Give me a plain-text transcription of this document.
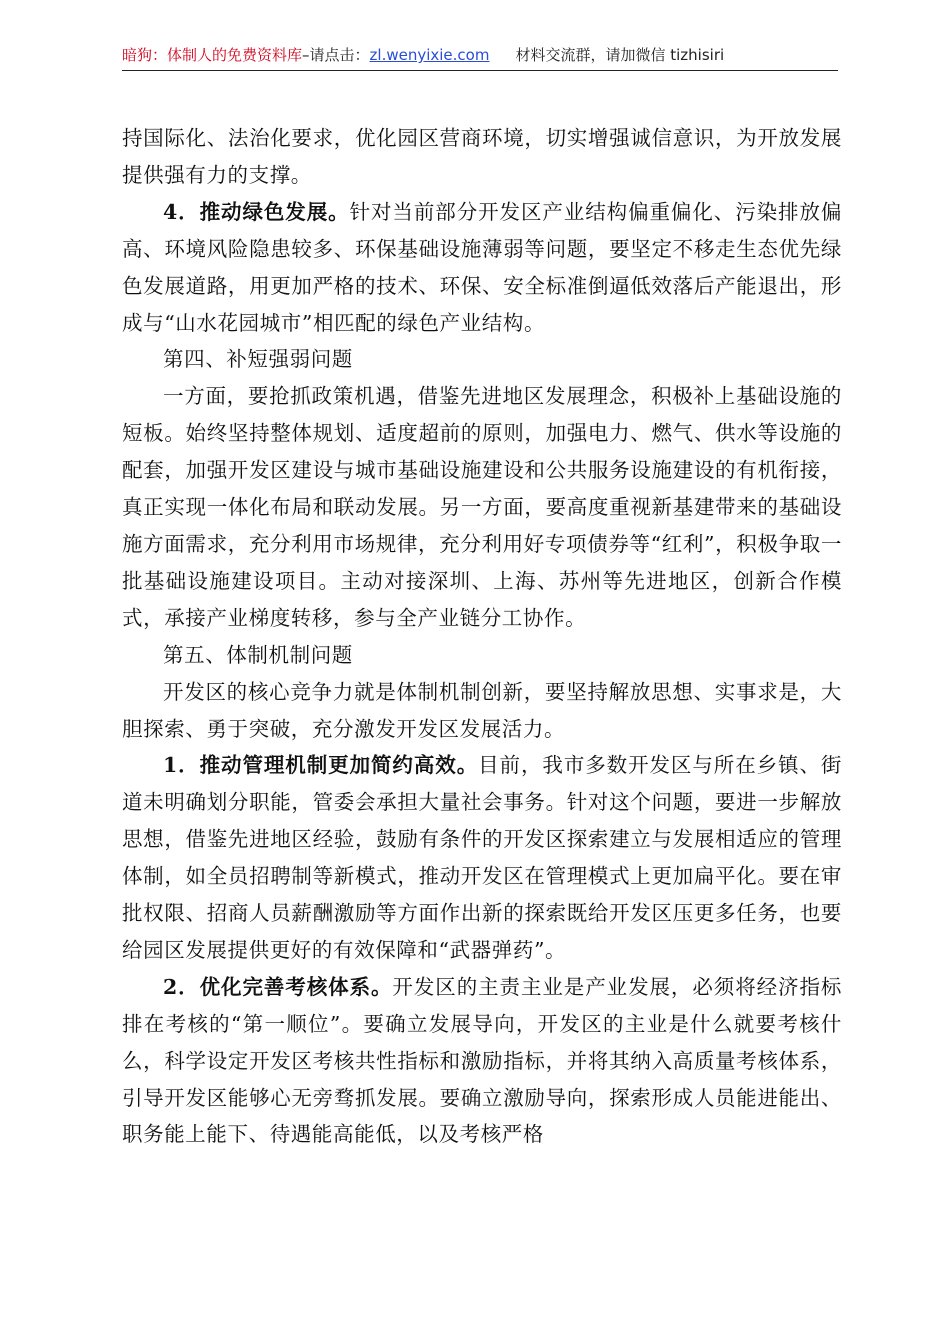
暗狗：体制人的免费资料库–请点击：zl.wenyixie.com 材料交流群，请加微信 tizhisiri

持国际化、法治化要求，优化园区营商环境，切实增强诚信意识，为开放发展提供强有力的支撑。

4．推动绿色发展。针对当前部分开发区产业结构偏重偏化、污染排放偏高、环境风险隐患较多、环保基础设施薄弱等问题，要坚定不移走生态优先绿色发展道路，用更加严格的技术、环保、安全标准倒逼低效落后产能退出，形成与“山水花园城市”相匹配的绿色产业结构。

第四、补短强弱问题

一方面，要抢抓政策机遇，借鉴先进地区发展理念，积极补上基础设施的短板。始终坚持整体规划、适度超前的原则，加强电力、燃气、供水等设施的配套，加强开发区建设与城市基础设施建设和公共服务设施建设的有机衔接，真正实现一体化布局和联动发展。另一方面，要高度重视新基建带来的基础设施方面需求，充分利用市场规律，充分利用好专项债券等“红利”，积极争取一批基础设施建设项目。主动对接深圳、上海、苏州等先进地区，创新合作模式，承接产业梯度转移，参与全产业链分工协作。

第五、体制机制问题

开发区的核心竞争力就是体制机制创新，要坚持解放思想、实事求是，大胆探索、勇于突破，充分激发开发区发展活力。

1．推动管理机制更加简约高效。目前，我市多数开发区与所在乡镇、街道未明确划分职能，管委会承担大量社会事务。针对这个问题，要进一步解放思想，借鉴先进地区经验，鼓励有条件的开发区探索建立与发展相适应的管理体制，如全员招聘制等新模式，推动开发区在管理模式上更加扁平化。要在审批权限、招商人员薪酬激励等方面作出新的探索既给开发区压更多任务，也要给园区发展提供更好的有效保障和“武器弹药”。

2．优化完善考核体系。开发区的主责主业是产业发展，必须将经济指标排在考核的“第一顺位”。要确立发展导向，开发区的主业是什么就要考核什么，科学设定开发区考核共性指标和激励指标，并将其纳入高质量考核体系，引导开发区能够心无旁骛抓发展。要确立激励导向，探索形成人员能进能出、职务能上能下、待遇能高能低，以及考核严格
